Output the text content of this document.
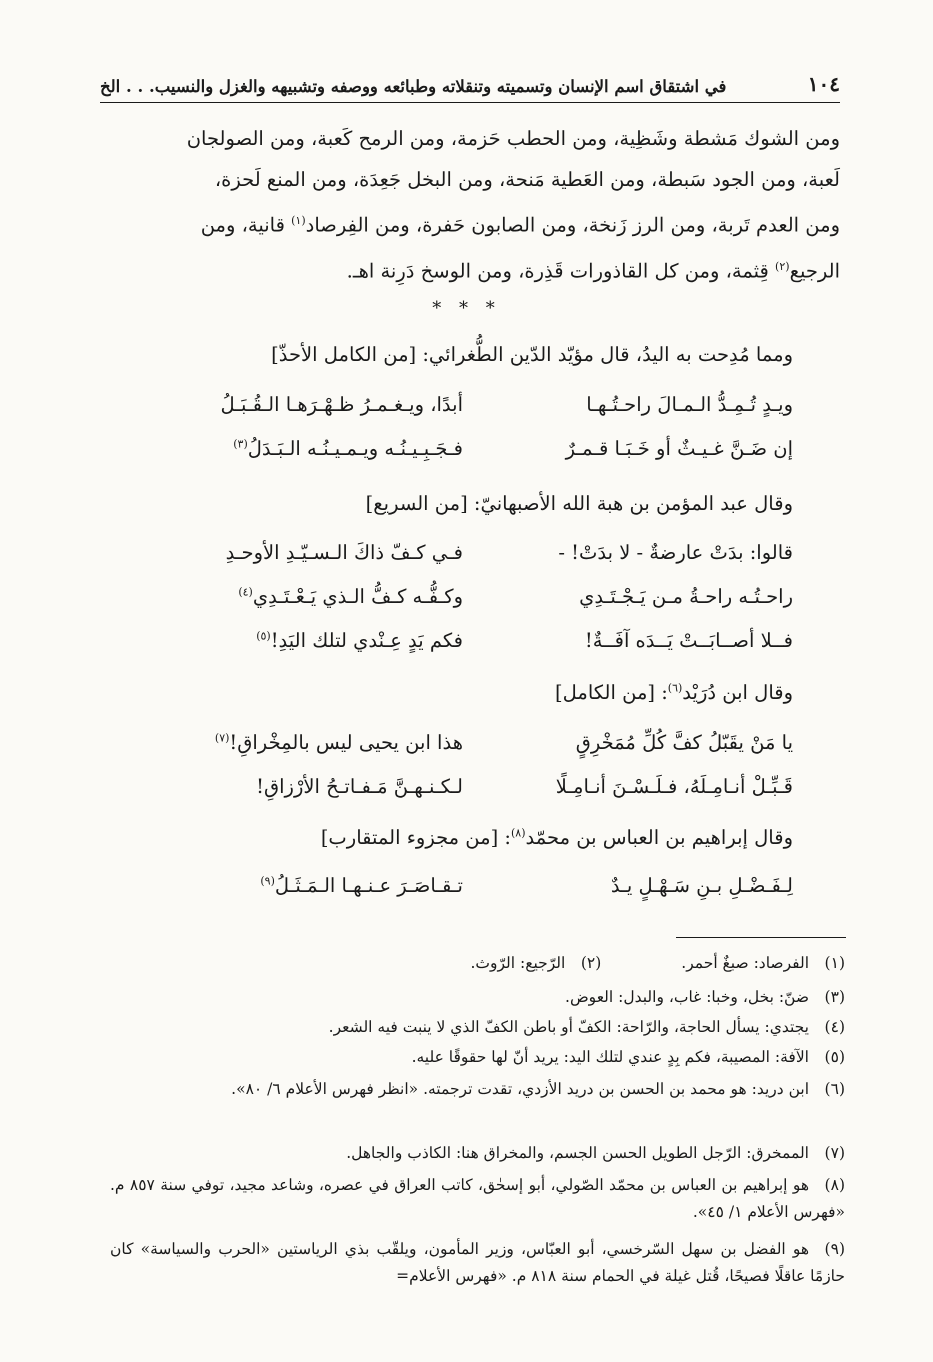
١٠٤
في اشتقاق اسم الإنسان وتسميته وتنقلاته وطبائعه ووصفه وتشبيهه والغزل والنسيب. . . الخ

ومن الشوك مَشطة وشَظِية، ومن الحطب حَزمة، ومن الرمح كَعبة، ومن الصولجان

لَعبة، ومن الجود سَبطة، ومن العَطية مَنحة، ومن البخل جَعِدَة، ومن المنع لَحزة،

ومن العدم تَربة، ومن الرز زَنخة، ومن الصابون حَفرة، ومن الفِرصاد$^{(١)}$ قانية، ومن

الرجيع$^{(٢)}$ قِثمة، ومن كل القاذورات قَذِرة، ومن الوسخ دَرِنة اهـ.

* * *
ومما مُدِحت به اليدُ، قال مؤيّد الدّين الطُّغرائي: [من الكامل الأحذّ]
ويـدٍ تُـمِـدُّ الـمـالَ راحـتُـهـا
أبدًا، ويـغـمـرُ ظـهْـرَهـا الـقُـبَـلُ
إن ضَـنَّ غـيـثٌ أو خَـبَـا قـمـرٌ
فـجَـبِـيـنُـه ويـمـيـنُـه الـبَـدَلُ$^{(٣)}$
وقال عبد المؤمن بن هبة الله الأصبهانيّ: [من السريع]
قالوا: بدَتْ عارضةٌ - لا بدَتْ! -
فـي كـفّ ذاكَ الـسـيّـدِ الأوحـدِ
راحـتُـه راحـةُ مـن يَـجْـتَـدِي
وكـفُّـه كـفُّ الـذي يَـعْـتَـدِي$^{(٤)}$
فــلا أصــابَــتْ يَــدَه آفَــةٌ!
فكم يَدٍ عِـنْدي لتلك اليَدِ!$^{(٥)}$
وقال ابن دُرَيْد$^{(٦)}$: [من الكامل]
يا مَنْ يقَبّلُ كفَّ كُلِّ مُمَخْرِقٍ
هذا ابن يحيى ليس بالمِخْراقِ!$^{(٧)}$
قَـبِّـلْ أنـامِـلَهُ، فـلَـسْـنَ أنـامِـلًا
لـكـنـهـنَّ مَـفـاتـحُ الأرْزاقِ!
وقال إبراهيم بن العباس بن محمّد$^{(٨)}$: [من مجزوء المتقارب]
لِـفَـضْـلِ بـنِ سَـهْـلٍ يـدٌ
تـقـاصَـرَ عـنـهـا الـمَـثَـلُ$^{(٩)}$
(١)الفرصاد: صبغٌ أحمر.
(٢)الرّجيع: الرّوث.
(٣)ضنّ: بخل، وخبا: غاب، والبدل: العوض.
(٤)يجتدي: يسأل الحاجة، والرّاحة: الكفّ أو باطن الكفّ الذي لا ينبت فيه الشعر.
(٥)الآفة: المصيبة، فكم بِدٍ عندي لتلك اليد: يريد أنّ لها حقوقًا عليه.
(٦)ابن دريد: هو محمد بن الحسن بن دريد الأزدي، تقدت ترجمته. «انظر فهرس الأعلام ٦/ ٨٠».
(٧)الممخرق: الرّجل الطويل الحسن الجسم، والمخراق هنا: الكاذب والجاهل.
(٨)هو إبراهيم بن العباس بن محمّد الصّولي، أبو إسحٰق، كاتب العراق في عصره، وشاعد مجيد، توفي سنة ٨٥٧ م. «فهرس الأعلام ١/ ٤٥».
(٩)هو الفضل بن سهل السّرخسي، أبو العبّاس، وزير المأمون، ويلقّب بذي الرياستين «الحرب والسياسة» كان حازمًا عاقلًا فصيحًا، قُتل غيلة في الحمام سنة ٨١٨ م. «فهرس الأعلام=
